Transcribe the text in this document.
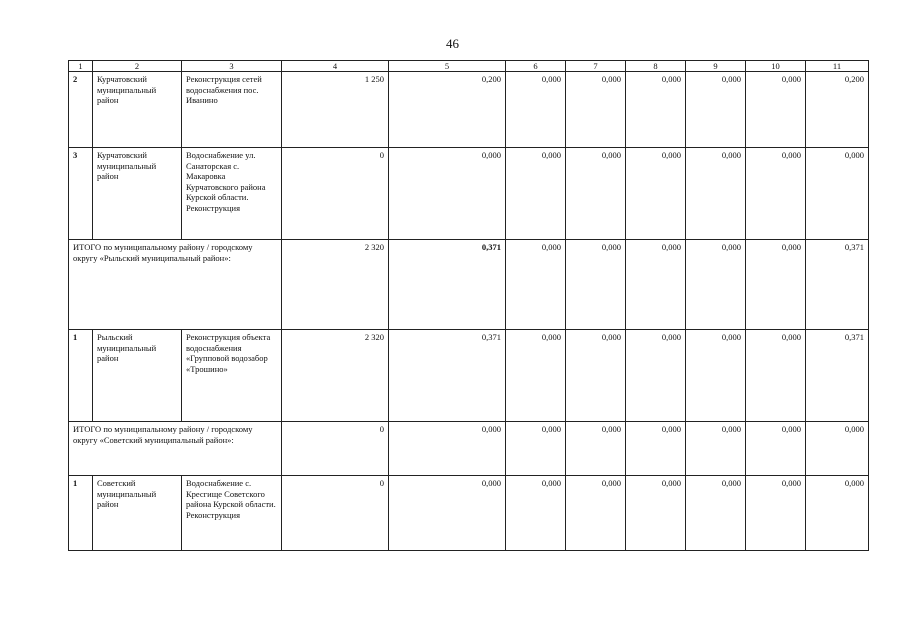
46
1	2	3	4	5	6	7	8	9	10	11
2	Курчатовский муниципальный район	Реконструкция сетей водоснабжения пос. Иванино	1 250	0,200	0,000	0,000	0,000	0,000	0,000	0,200
3	Курчатовский муниципальный район	Водоснабжение ул. Санаторская с. Макаровка Курчатовского района Курской области. Реконструкция	0	0,000	0,000	0,000	0,000	0,000	0,000	0,000
ИТОГО по муниципальному району / городскому округу «Рыльский муниципальный район»:			2 320	0,371	0,000	0,000	0,000	0,000	0,000	0,371
1	Рыльский муниципальный район	Реконструкция объекта водоснабжения «Групповой водозабор «Трошино»	2 320	0,371	0,000	0,000	0,000	0,000	0,000	0,371
ИТОГО по муниципальному району / городскому округу «Советский муниципальный район»:			0	0,000	0,000	0,000	0,000	0,000	0,000	0,000
1	Советский муниципальный район	Водоснабжение с. Кресгище Советского района Курской области. Реконструкция	0	0,000	0,000	0,000	0,000	0,000	0,000	0,000
